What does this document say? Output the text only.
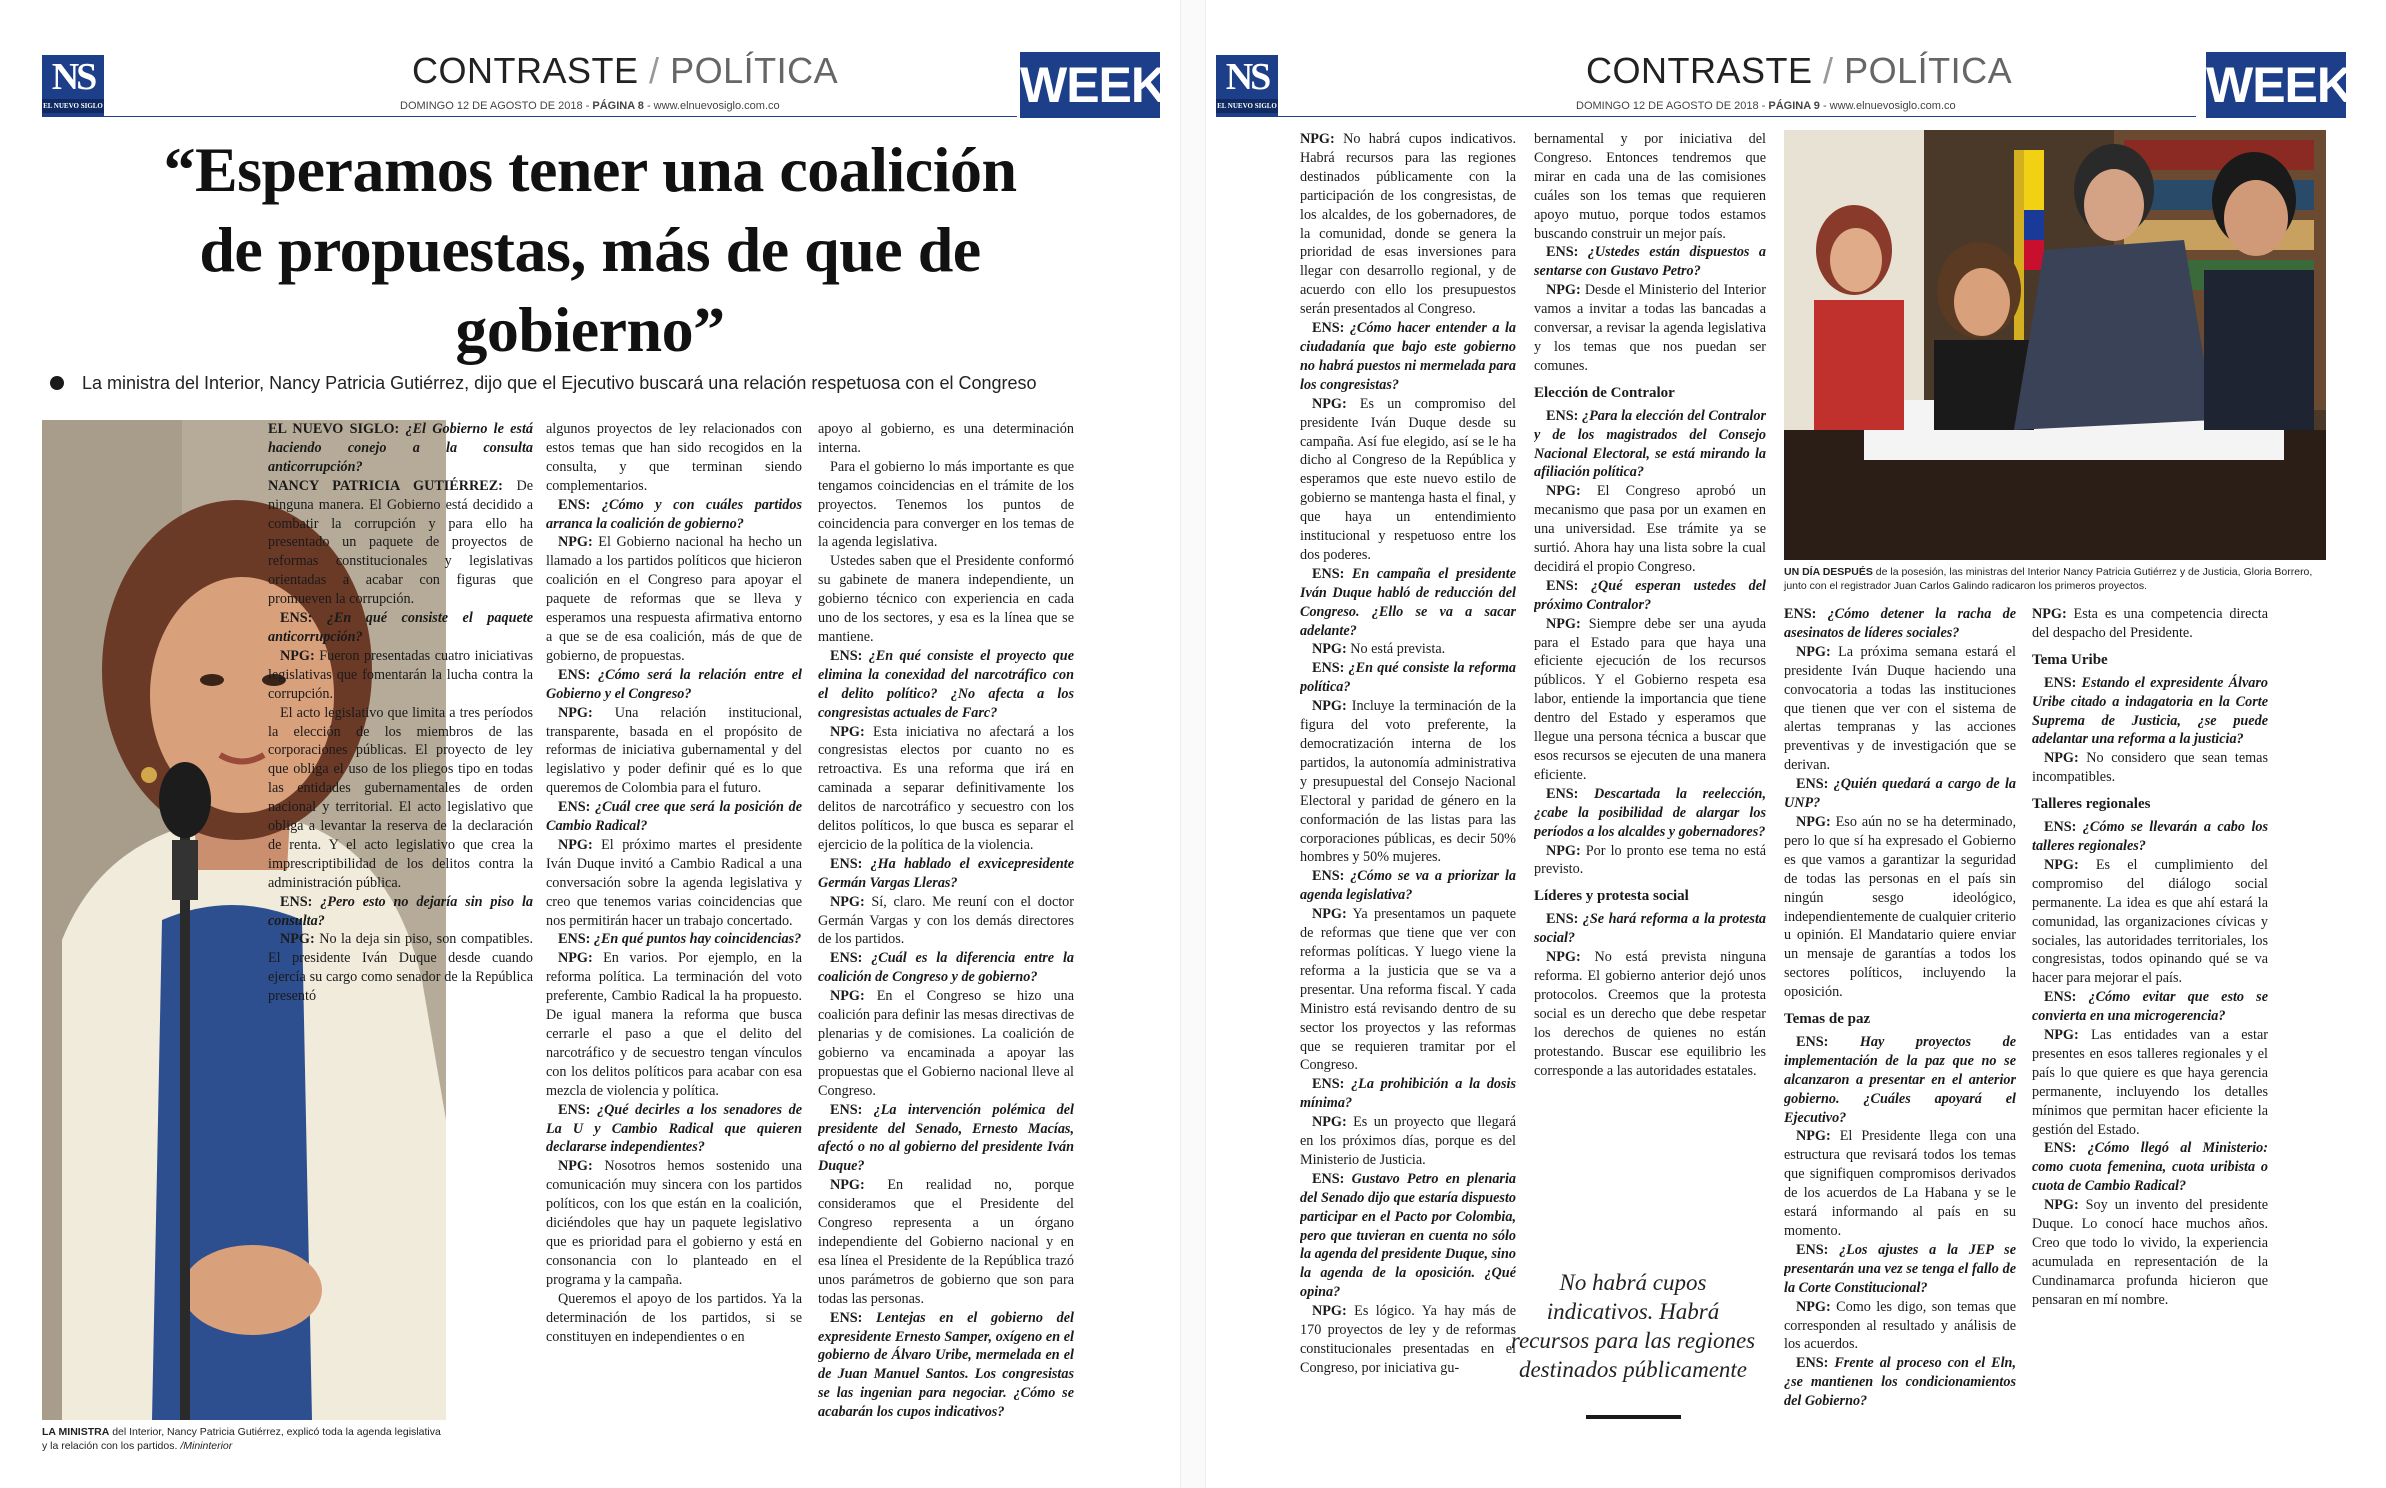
NS
EL NUEVO SIGLO
CONTRASTE / POLÍTICA
DOMINGO 12 DE AGOSTO DE 2018 - PÁGINA 8 - www.elnuevosiglo.com.co	WEEK
“Esperamos tener una coalición
de propuestas, más de que de
gobierno”
La ministra del Interior, Nancy Patricia Gutiérrez, dijo que el Ejecutivo buscará una relación respetuosa con el Congreso
LA MINISTRA del Interior, Nancy Patricia Gutiérrez, explicó toda la agenda legislativa y la relación con los partidos. /Mininterior

EL NUEVO SIGLO: ¿El Gobierno le está haciendo conejo a la consulta anticorrupción?

NANCY PATRICIA GUTIÉRREZ: De ninguna manera. El Gobierno está decidido a combatir la corrupción y para ello ha presentado un paquete de proyectos de reformas constitucionales y legislativas orientadas a acabar con figuras que promueven la corrupción.

ENS: ¿En qué consiste el paquete anticorrupción?

NPG: Fueron presentadas cuatro iniciativas legislativas que fomentarán la lucha contra la corrupción.

El acto legislativo que limita a tres períodos la elección de los miembros de las corporaciones públicas. El proyecto de ley que obliga el uso de los pliegos tipo en todas las entidades gubernamentales de orden nacional y territorial. El acto legislativo que obliga a levantar la reserva de la declaración de renta. Y el acto legislativo que crea la imprescriptibilidad de los delitos contra la administración pública.

ENS: ¿Pero esto no dejaría sin piso la consulta?

NPG: No la deja sin piso, son compatibles. El presidente Iván Duque desde cuando ejercía su cargo como senador de la República presentó

algunos proyectos de ley relacionados con estos temas que han sido recogidos en la consulta, y que terminan siendo complementarios.

ENS: ¿Cómo y con cuáles partidos arranca la coalición de gobierno?

NPG: El Gobierno nacional ha hecho un llamado a los partidos políticos que hicieron coalición en el Congreso para apoyar el paquete de reformas que se lleva y esperamos una respuesta afirmativa entorno a que se de esa coalición, más de que de gobierno, de propuestas.

ENS: ¿Cómo será la relación entre el Gobierno y el Congreso?

NPG: Una relación institucional, transparente, basada en el propósito de reformas de iniciativa gubernamental y del legislativo y poder definir qué es lo que queremos de Colombia para el futuro.

ENS: ¿Cuál cree que será la posición de Cambio Radical?

NPG: El próximo martes el presidente Iván Duque invitó a Cambio Radical a una conversación sobre la agenda legislativa y creo que tenemos varias coincidencias que nos permitirán hacer un trabajo concertado.

ENS: ¿En qué puntos hay coincidencias?

NPG: En varios. Por ejemplo, en la reforma política. La terminación del voto preferente, Cambio Radical la ha propuesto. De igual manera la reforma que busca cerrarle el paso a que el delito del narcotráfico y de secuestro tengan vínculos con los delitos políticos para acabar con esa mezcla de violencia y política.

ENS: ¿Qué decirles a los senadores de La U y Cambio Radical que quieren declararse independientes?

NPG: Nosotros hemos sostenido una comunicación muy sincera con los partidos políticos, con los que están en la coalición, diciéndoles que hay un paquete legislativo que es prioridad para el gobierno y está en consonancia con lo planteado en el programa y la campaña.

Queremos el apoyo de los partidos. Ya la determinación de los partidos, si se constituyen en independientes o en

apoyo al gobierno, es una determinación interna.

Para el gobierno lo más importante es que tengamos coincidencias en el trámite de los proyectos. Tenemos los puntos de coincidencia para converger en los temas de la agenda legislativa.

Ustedes saben que el Presidente conformó su gabinete de manera independiente, un gobierno técnico con experiencia en cada uno de los sectores, y esa es la línea que se mantiene.

ENS: ¿En qué consiste el proyecto que elimina la conexidad del narcotráfico con el delito político? ¿No afecta a los congresistas actuales de Farc?

NPG: Esta iniciativa no afectará a los congresistas electos por cuanto no es retroactiva. Es una reforma que irá en caminada a separar definitivamente los delitos de narcotráfico y secuestro con los delitos políticos, lo que busca es separar el ejercicio de la política de la violencia.

ENS: ¿Ha hablado el exvicepresidente Germán Vargas Lleras?

NPG: Sí, claro. Me reuní con el doctor Germán Vargas y con los demás directores de los partidos.

ENS: ¿Cuál es la diferencia entre la coalición de Congreso y de gobierno?

NPG: En el Congreso se hizo una coalición para definir las mesas directivas de plenarias y de comisiones. La coalición de gobierno va encaminada a apoyar las propuestas que el Gobierno nacional lleve al Congreso.

ENS: ¿La intervención polémica del presidente del Senado, Ernesto Macías, afectó o no al gobierno del presidente Iván Duque?

NPG: En realidad no, porque consideramos que el Presidente del Congreso representa a un órgano independiente del Gobierno nacional y en esa línea el Presidente de la República trazó unos parámetros de gobierno que son para todas las personas.

ENS: Lentejas en el gobierno del expresidente Ernesto Samper, oxígeno en el gobierno de Álvaro Uribe, mermelada en el de Juan Manuel Santos. Los congresistas se las ingenian para negociar. ¿Cómo se acabarán los cupos indicativos?

NS
EL NUEVO SIGLO
CONTRASTE / POLÍTICA
DOMINGO 12 DE AGOSTO DE 2018 - PÁGINA 9 - www.elnuevosiglo.com.co	WEEK

NPG: No habrá cupos indicativos. Habrá recursos para las regiones destinados públicamente con la participación de los congresistas, de los alcaldes, de los gobernadores, de la comunidad, donde se genera la prioridad de esas inversiones para llegar con desarrollo regional, y de acuerdo con ello los presupuestos serán presentados al Congreso.

ENS: ¿Cómo hacer entender a la ciudadanía que bajo este gobierno no habrá puestos ni mermelada para los congresistas?

NPG: Es un compromiso del presidente Iván Duque desde su campaña. Así fue elegido, así se le ha dicho al Congreso de la República y esperamos que este nuevo estilo de gobierno se mantenga hasta el final, y que haya un entendimiento institucional y respetuoso entre los dos poderes.

ENS: En campaña el presidente Iván Duque habló de reducción del Congreso. ¿Ello se va a sacar adelante?

NPG: No está prevista.

ENS: ¿En qué consiste la reforma política?

NPG: Incluye la terminación de la figura del voto preferente, la democratización interna de los partidos, la autonomía administrativa y presupuestal del Consejo Nacional Electoral y paridad de género en la conformación de las listas para las corporaciones públicas, es decir 50% hombres y 50% mujeres.

ENS: ¿Cómo se va a priorizar la agenda legislativa?

NPG: Ya presentamos un paquete de reformas que tiene que ver con reformas políticas. Y luego viene la reforma a la justicia que se va a presentar. Una reforma fiscal. Y cada Ministro está revisando dentro de su sector los proyectos y las reformas que se requieren tramitar por el Congreso.

ENS: ¿La prohibición a la dosis mínima?

NPG: Es un proyecto que llegará en los próximos días, porque es del Ministerio de Justicia.

ENS: Gustavo Petro en plenaria del Senado dijo que estaría dispuesto participar en el Pacto por Colombia, pero que tuvieran en cuenta no sólo la agenda del presidente Duque, sino la agenda de la oposición. ¿Qué opina?

NPG: Es lógico. Ya hay más de 170 proyectos de ley y de reformas constitucionales presentadas en el Congreso, por iniciativa gu-

bernamental y por iniciativa del Congreso. Entonces tendremos que mirar en cada una de las comisiones cuáles son los temas que requieren apoyo mutuo, porque todos estamos buscando construir un mejor país.

ENS: ¿Ustedes están dispuestos a sentarse con Gustavo Petro?

NPG: Desde el Ministerio del Interior vamos a invitar a todas las bancadas a conversar, a revisar la agenda legislativa y los temas que nos puedan ser comunes.

Elección de Contralor

ENS: ¿Para la elección del Contralor y de los magistrados del Consejo Nacional Electoral, se está mirando la afiliación política?

NPG: El Congreso aprobó un mecanismo que pasa por un examen en una universidad. Ese trámite ya se surtió. Ahora hay una lista sobre la cual decidirá el propio Congreso.

ENS: ¿Qué esperan ustedes del próximo Contralor?

NPG: Siempre debe ser una ayuda para el Estado para que haya una eficiente ejecución de los recursos públicos. Y el Gobierno respeta esa labor, entiende la importancia que tiene dentro del Estado y esperamos que llegue una persona técnica a buscar que esos recursos se ejecuten de una manera eficiente.

ENS: Descartada la reelección, ¿cabe la posibilidad de alargar los períodos a los alcaldes y gobernadores?

NPG: Por lo pronto ese tema no está previsto.

Líderes y protesta social

ENS: ¿Se hará reforma a la protesta social?

NPG: No está prevista ninguna reforma. El gobierno anterior dejó unos protocolos. Creemos que la protesta social es un derecho que debe respetar los derechos de quienes no están protestando. Buscar ese equilibrio les corresponde a las autoridades estatales.

No habrá cupos indicativos. Habrá recursos para las regiones destinados públicamente
UN DÍA DESPUÉS de la posesión, las ministras del Interior Nancy Patricia Gutiérrez y de Justicia, Gloria Borrero, junto con el registrador Juan Carlos Galindo radicaron los primeros proyectos.

ENS: ¿Cómo detener la racha de asesinatos de líderes sociales?

NPG: La próxima semana estará el presidente Iván Duque haciendo una convocatoria a todas las instituciones que tienen que ver con el sistema de alertas tempranas y las acciones preventivas y de investigación que se derivan.

ENS: ¿Quién quedará a cargo de la UNP?

NPG: Eso aún no se ha determinado, pero lo que sí ha expresado el Gobierno es que vamos a garantizar la seguridad de todas las personas en el país sin ningún sesgo ideológico, independientemente de cualquier criterio u opinión. El Mandatario quiere enviar un mensaje de garantías a todos los sectores políticos, incluyendo la oposición.

Temas de paz

ENS: Hay proyectos de implementación de la paz que no se alcanzaron a presentar en el anterior gobierno. ¿Cuáles apoyará el Ejecutivo?

NPG: El Presidente llega con una estructura que revisará todos los temas que signifiquen compromisos derivados de los acuerdos de La Habana y se le estará informando al país en su momento.

ENS: ¿Los ajustes a la JEP se presentarán una vez se tenga el fallo de la Corte Constitucional?

NPG: Como les digo, son temas que corresponden al resultado y análisis de los acuerdos.

ENS: Frente al proceso con el Eln, ¿se mantienen los condicionamientos del Gobierno?

NPG: Esta es una competencia directa del despacho del Presidente.

Tema Uribe

ENS: Estando el expresidente Álvaro Uribe citado a indagatoria en la Corte Suprema de Justicia, ¿se puede adelantar una reforma a la justicia?

NPG: No considero que sean temas incompatibles.

Talleres regionales

ENS: ¿Cómo se llevarán a cabo los talleres regionales?

NPG: Es el cumplimiento del compromiso del diálogo social permanente. La idea es que ahí estará la comunidad, las organizaciones cívicas y sociales, las autoridades territoriales, los congresistas, todos opinando qué se va hacer para mejorar el país.

ENS: ¿Cómo evitar que esto se convierta en una microgerencia?

NPG: Las entidades van a estar presentes en esos talleres regionales y el país lo que quiere es que haya gerencia permanente, incluyendo los detalles mínimos que permitan hacer eficiente la gestión del Estado.

ENS: ¿Cómo llegó al Ministerio: como cuota femenina, cuota uribista o cuota de Cambio Radical?

NPG: Soy un invento del presidente Duque. Lo conocí hace muchos años. Creo que todo lo vivido, la experiencia acumulada en representación de la Cundinamarca profunda hicieron que pensaran en mí nombre.
